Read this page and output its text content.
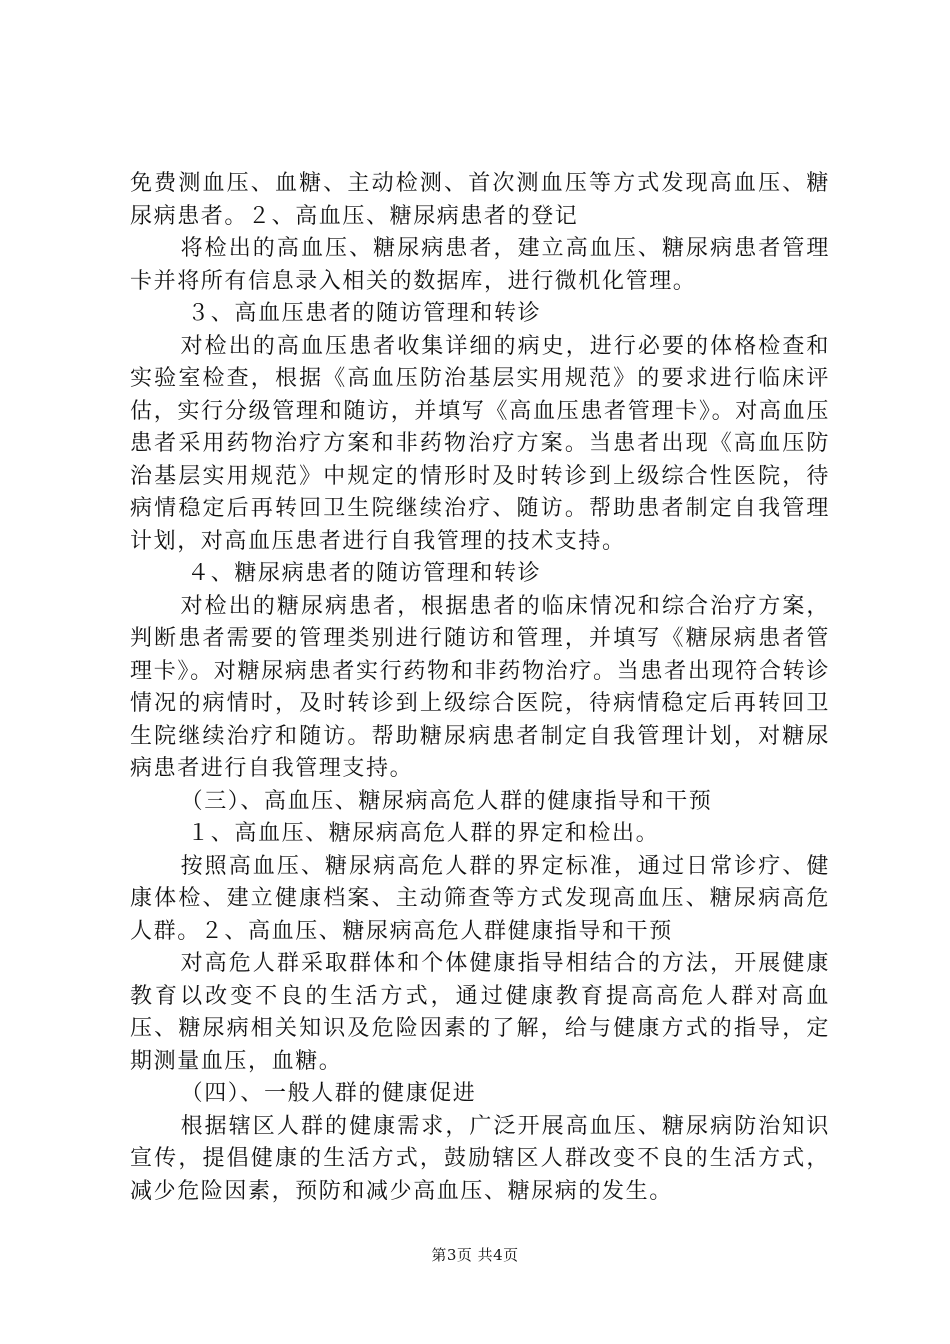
免费测血压、血糖、主动检测、首次测血压等方式发现高血压、糖尿病患者。２、高血压、糖尿病患者的登记

将检出的高血压、糖尿病患者，建立高血压、糖尿病患者管理卡并将所有信息录入相关的数据库，进行微机化管理。

３、高血压患者的随访管理和转诊

对检出的高血压患者收集详细的病史，进行必要的体格检查和实验室检查，根据《高血压防治基层实用规范》的要求进行临床评估，实行分级管理和随访，并填写《高血压患者管理卡》。对高血压患者采用药物治疗方案和非药物治疗方案。当患者出现《高血压防治基层实用规范》中规定的情形时及时转诊到上级综合性医院，待病情稳定后再转回卫生院继续治疗、随访。帮助患者制定自我管理计划，对高血压患者进行自我管理的技术支持。

４、糖尿病患者的随访管理和转诊

对检出的糖尿病患者，根据患者的临床情况和综合治疗方案，判断患者需要的管理类别进行随访和管理，并填写《糖尿病患者管理卡》。对糖尿病患者实行药物和非药物治疗。当患者出现符合转诊情况的病情时，及时转诊到上级综合医院，待病情稳定后再转回卫生院继续治疗和随访。帮助糖尿病患者制定自我管理计划，对糖尿病患者进行自我管理支持。

（三）、高血压、糖尿病高危人群的健康指导和干预

１、高血压、糖尿病高危人群的界定和检出。

按照高血压、糖尿病高危人群的界定标准，通过日常诊疗、健康体检、建立健康档案、主动筛查等方式发现高血压、糖尿病高危人群。２、高血压、糖尿病高危人群健康指导和干预

对高危人群采取群体和个体健康指导相结合的方法，开展健康教育以改变不良的生活方式，通过健康教育提高高危人群对高血压、糖尿病相关知识及危险因素的了解，给与健康方式的指导，定期测量血压，血糖。

（四）、一般人群的健康促进

根据辖区人群的健康需求，广泛开展高血压、糖尿病防治知识宣传，提倡健康的生活方式，鼓励辖区人群改变不良的生活方式，减少危险因素，预防和减少高血压、糖尿病的发生。

第3页 共4页
